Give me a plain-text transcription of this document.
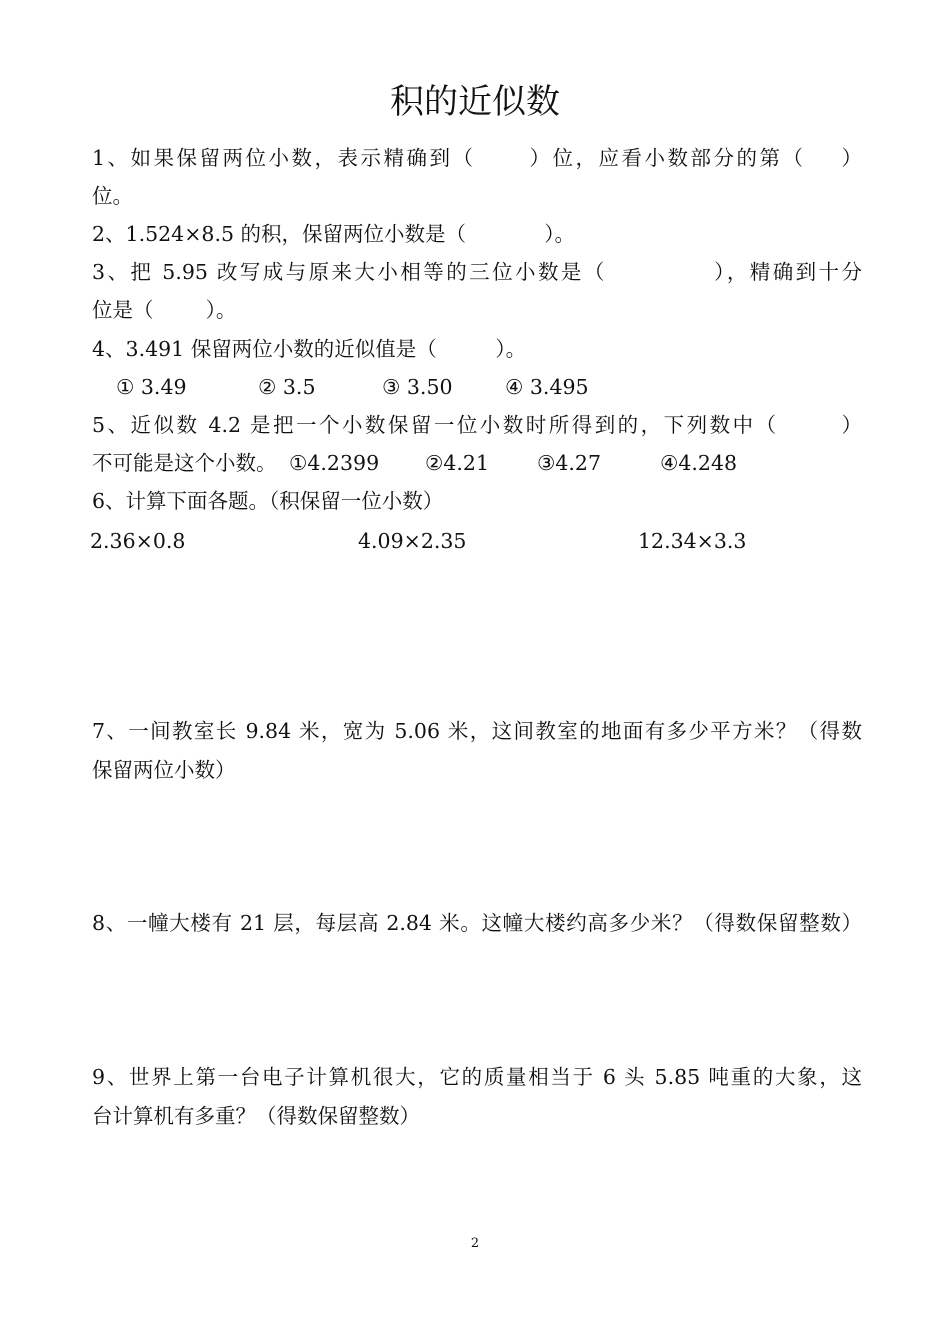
积的近似数
1、如果保留两位小数，表示精确到（      ）位，应看小数部分的第（    ）
位。
2、1.524×8.5 的积，保留两位小数是（            ）。
3、把 5.95 改写成与原来大小相等的三位小数是（            ），精确到十分
位是（        ）。
4、3.491 保留两位小数的近似值是（         ）。
① 3.49	② 3.5	③ 3.50	④ 3.495
5、近似数 4.2 是把一个小数保留一位小数时所得到的，下列数中（       ）
不可能是这个小数。 ①4.2399 ②4.21 ③4.27	④4.248
6、计算下面各题。（积保留一位小数）
2.36×0.8	4.09×2.35	12.34×3.3
7、一间教室长 9.84 米，宽为 5.06 米，这间教室的地面有多少平方米？（得数
保留两位小数）
8、一幢大楼有 21 层，每层高 2.84 米。这幢大楼约高多少米？（得数保留整数）
9、世界上第一台电子计算机很大，它的质量相当于 6 头 5.85 吨重的大象，这
台计算机有多重？（得数保留整数）
2
